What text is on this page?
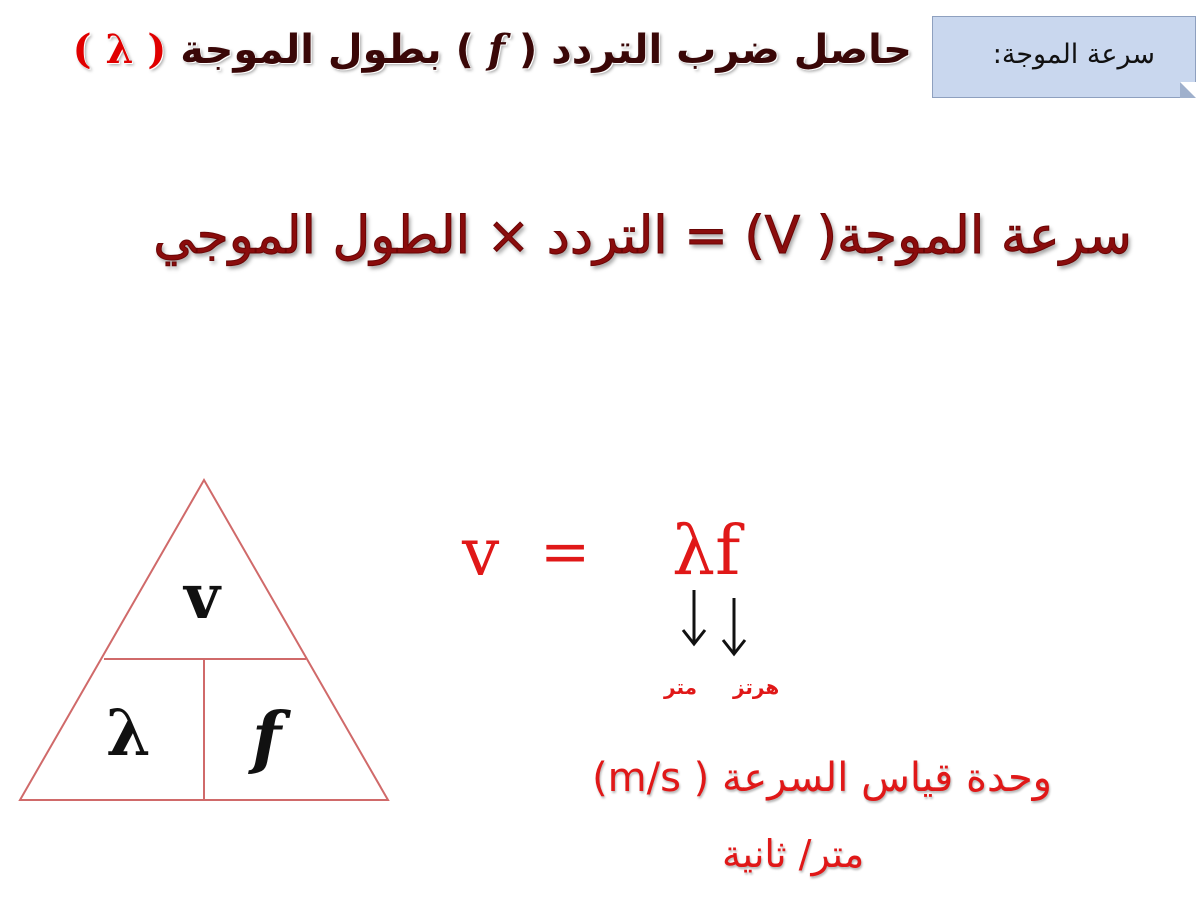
سرعة الموجة:
حاصل ضرب التردد ( f ) بطول الموجة ( λ )
سرعة الموجة( V) = التردد × الطول الموجي
v
λ f
v = λf
متر هرتز
وحدة قياس السرعة ( m/s)
متر/ ثانية
